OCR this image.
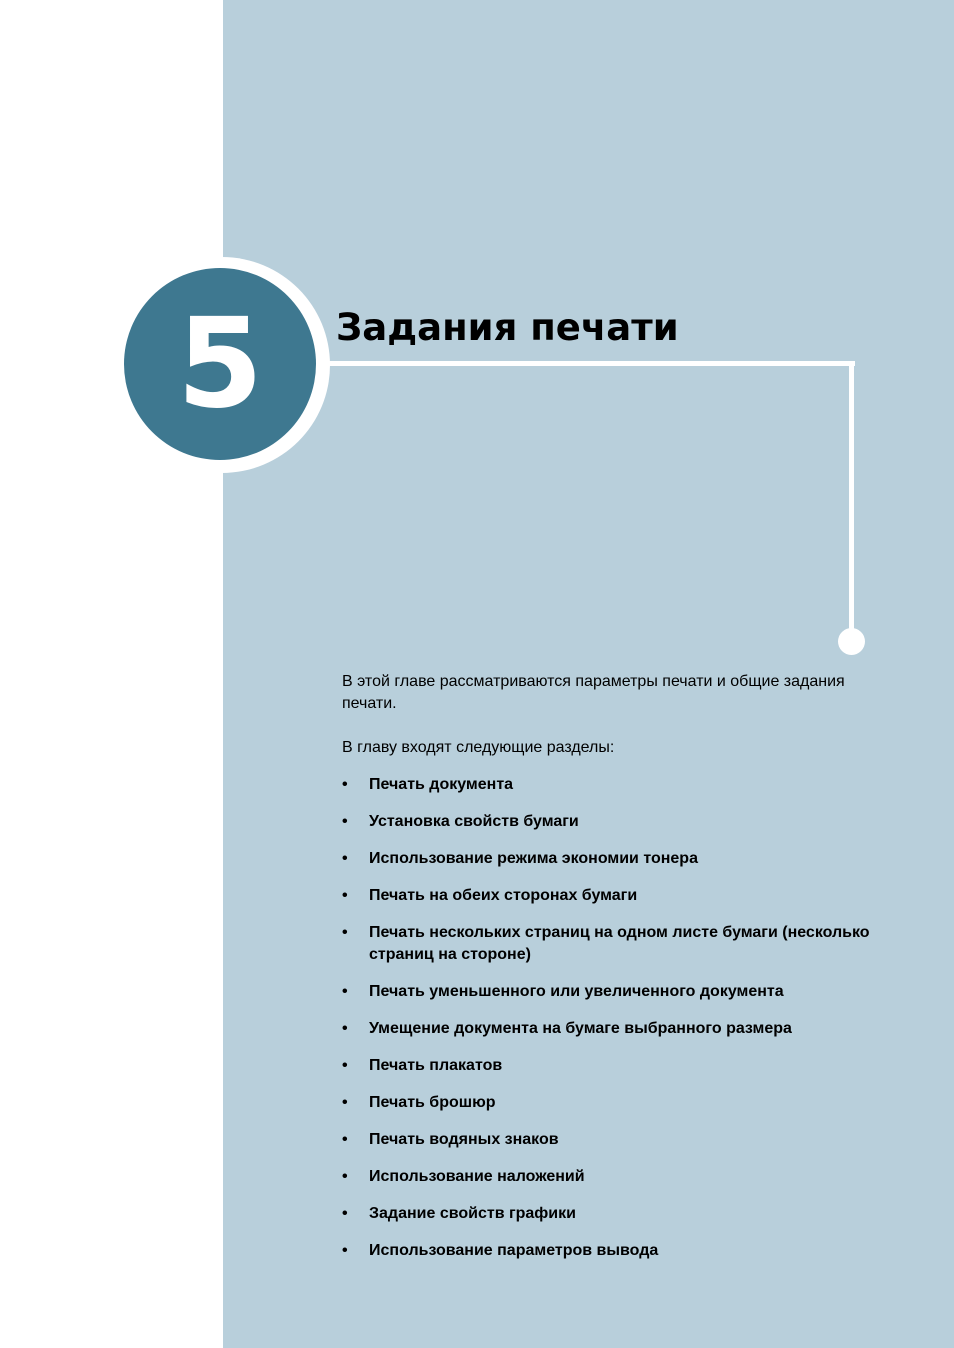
5	Задания печати

В этой главе рассматриваются параметры печати и общие задания печати.

В главу входят следующие разделы:

• Печать документа
• Установка свойств бумаги
• Использование режима экономии тонера
• Печать на обеих сторонах бумаги
• Печать нескольких страниц на одном листе бумаги (несколько страниц на стороне)
• Печать уменьшенного или увеличенного документа
• Умещение документа на бумаге выбранного размера
• Печать плакатов
• Печать брошюр
• Печать водяных знаков
• Использование наложений
• Задание свойств графики
• Использование параметров вывода
